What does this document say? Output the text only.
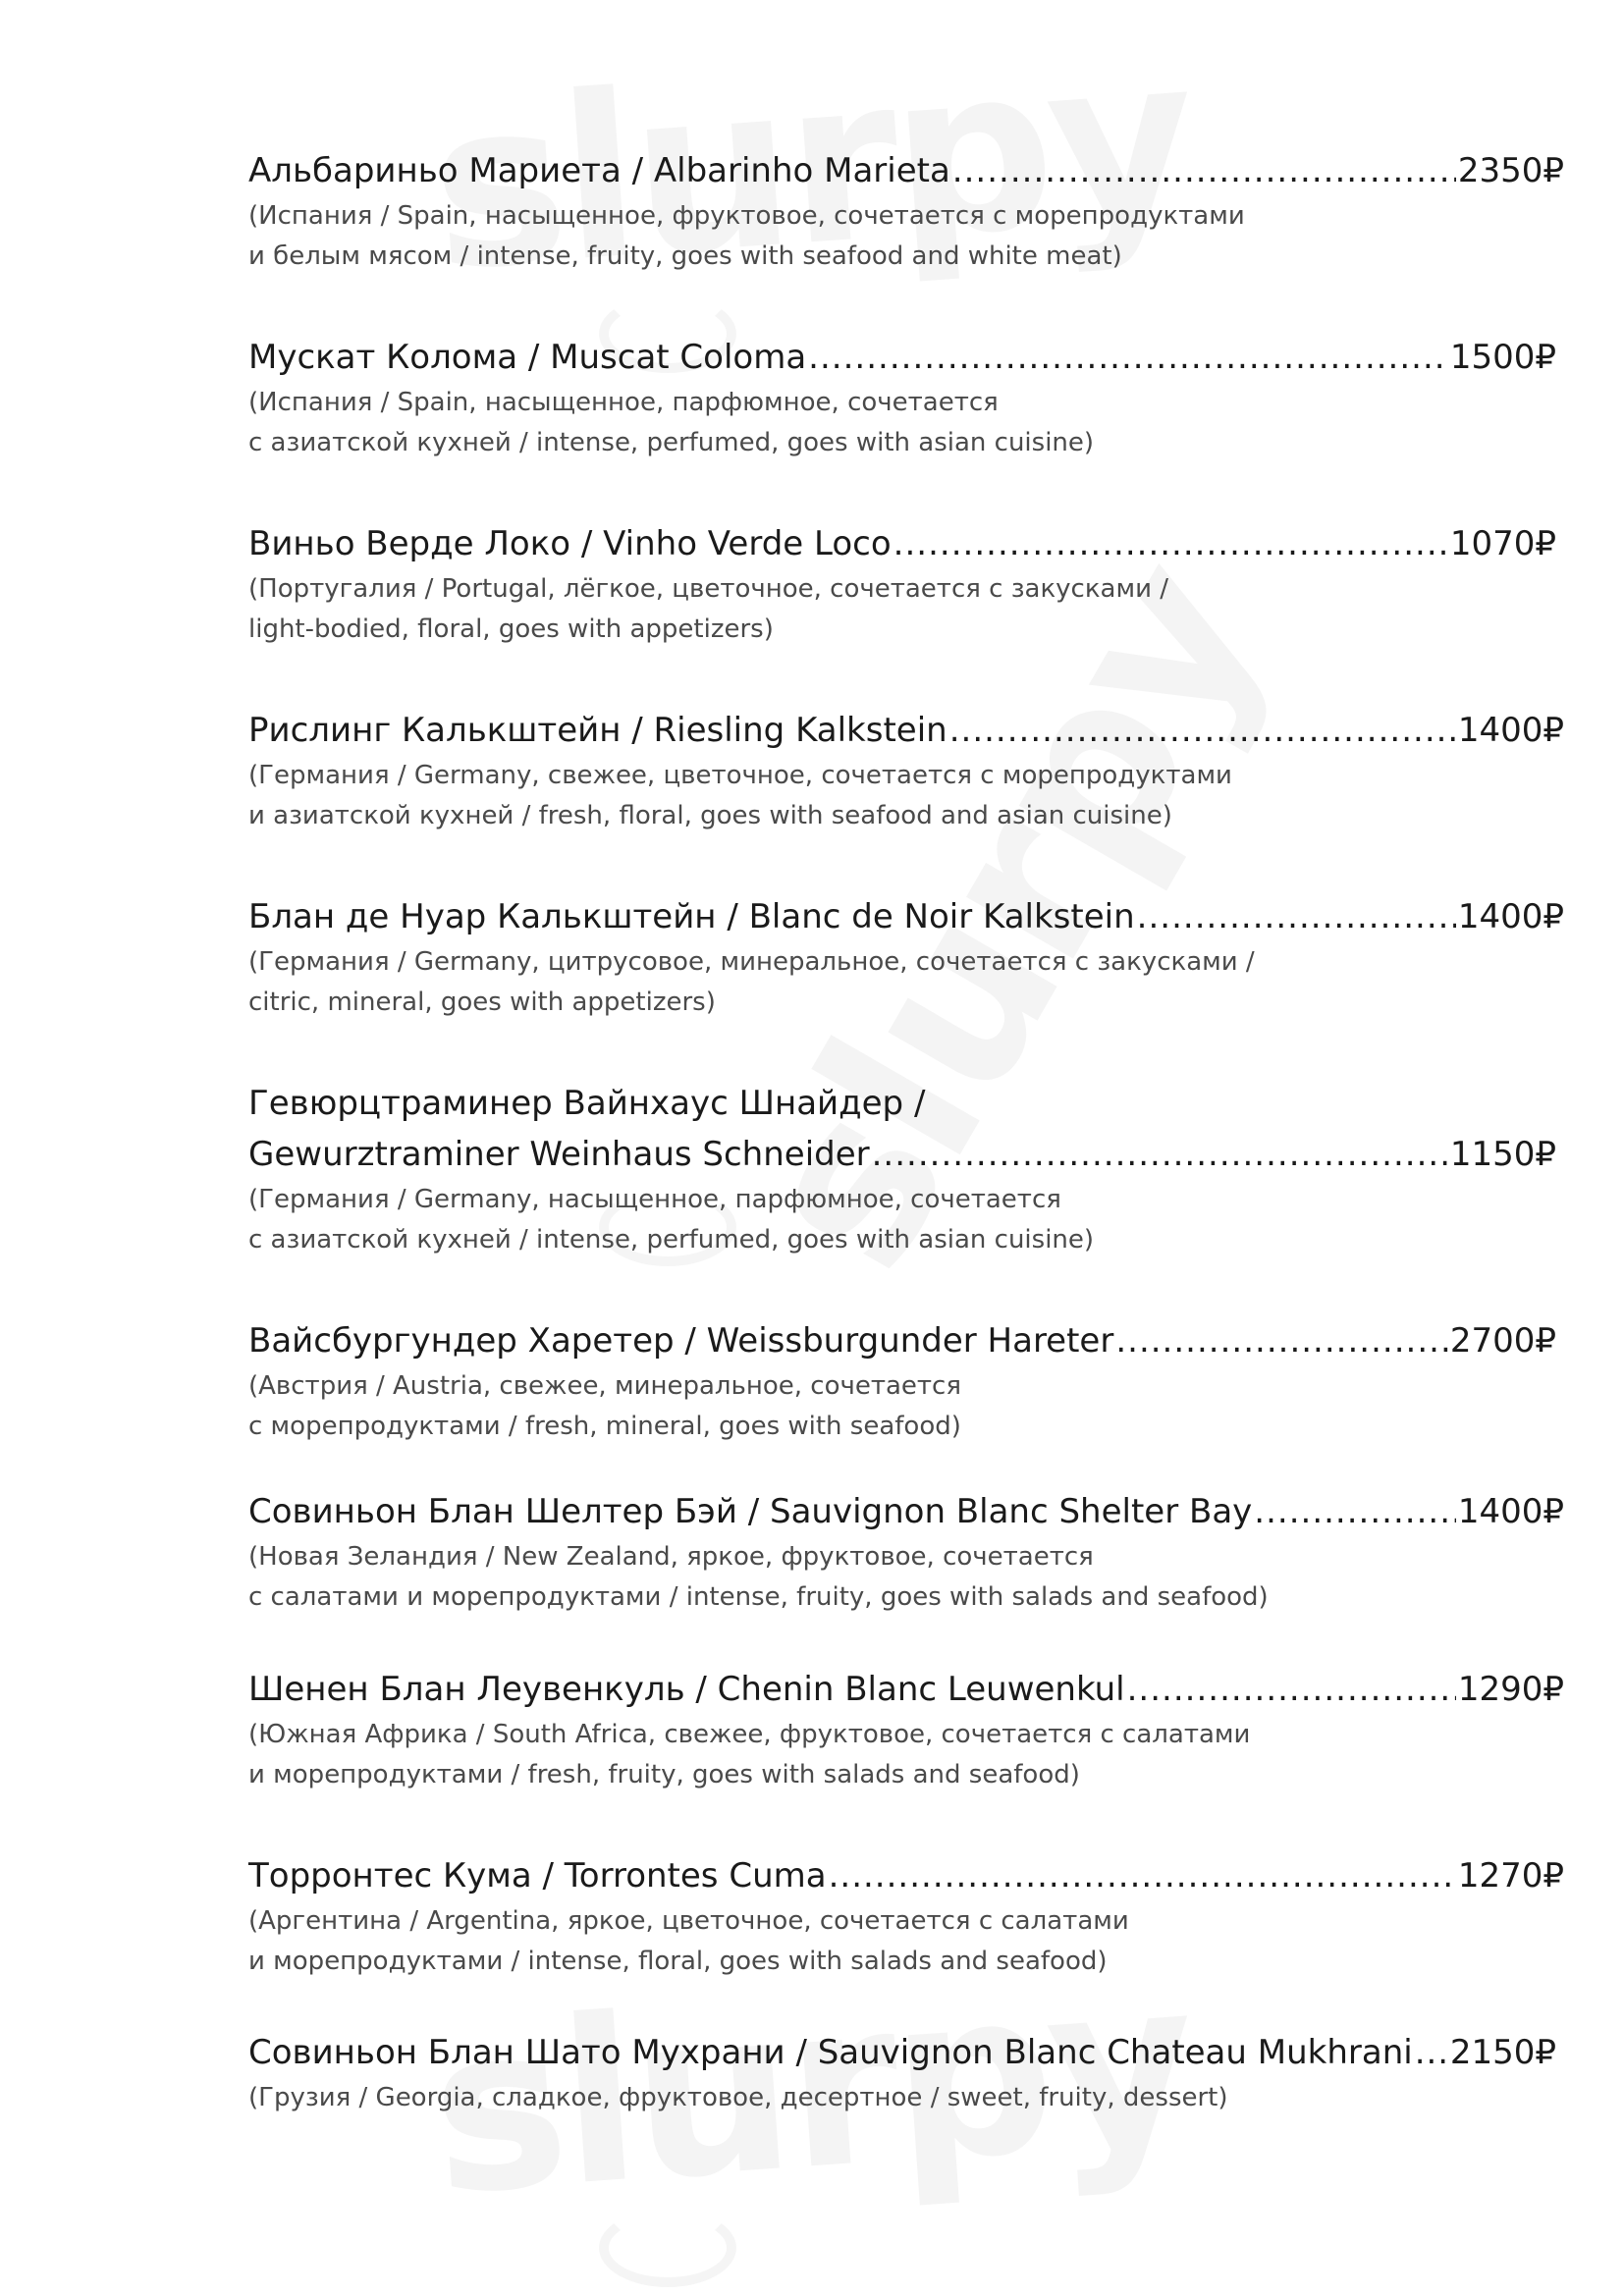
Альбариньо Мариета / Albarinho Marieta .....	2350₽
(Испания / Spain, насыщенное, фруктовое, сочетается с морепродуктами
и белым мясом / intense, fruity, goes with seafood and white meat)
Мускат Колома / Muscat Coloma .....	1500₽
(Испания / Spain, насыщенное, парфюмное, сочетается
с азиатской кухней / intense, perfumed, goes with asian cuisine)
Виньо Верде Локо / Vinho Verde Loco .....	1070₽
(Португалия / Portugal, лёгкое, цветочное, сочетается с закусками /
light-bodied, floral, goes with appetizers)
Рислинг Калькштейн / Riesling Kalkstein .....	1400₽
(Германия / Germany, свежее, цветочное, сочетается с морепродуктами
и азиатской кухней / fresh, floral, goes with seafood and asian cuisine)
Блан де Нуар Калькштейн / Blanc de Noir Kalkstein .....	1400₽
(Германия / Germany, цитрусовое, минеральное, сочетается с закусками /
citric, mineral, goes with appetizers)
Гевюрцтраминер Вайнхаус Шнайдер /
Gewurztraminer Weinhaus Schneider .....	1150₽
(Германия / Germany, насыщенное, парфюмное, сочетается
с азиатской кухней / intense, perfumed, goes with asian cuisine)
Вайсбургундер Харетер / Weissburgunder Hareter .....	2700₽
(Австрия / Austria, свежее, минеральное, сочетается
с морепродуктами / fresh, mineral, goes with seafood)
Совиньон Блан Шелтер Бэй / Sauvignon Blanc Shelter Bay .....	1400₽
(Новая Зеландия / New Zealand, яркое, фруктовое, сочетается
с салатами и морепродуктами / intense, fruity, goes with salads and seafood)
Шенен Блан Леувенкуль / Chenin Blanc Leuwenkul .....	1290₽
(Южная Африка / South Africa, свежее, фруктовое, сочетается с салатами
и морепродуктами / fresh, fruity, goes with salads and seafood)
Торронтес Кума / Torrontes Cuma .....	1270₽
(Аргентина / Argentina, яркое, цветочное, сочетается с салатами
и морепродуктами / intense, floral, goes with salads and seafood)
Совиньон Блан Шато Мухрани / Sauvignon Blanc Chateau Mukhrani ..... 2150₽
(Грузия / Georgia, сладкое, фруктовое, десертное / sweet, fruity, dessert)
